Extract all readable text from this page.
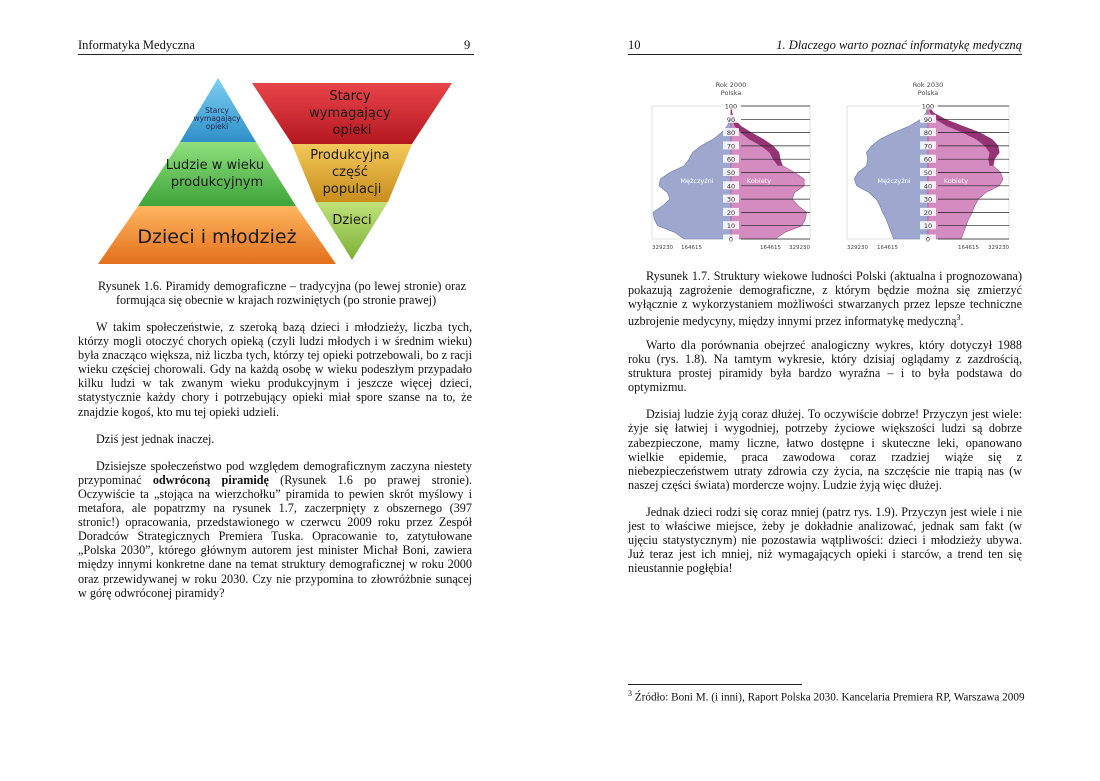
Informatyka Medyczna	9
Starcy wymagający opieki
Ludzie w wieku produkcyjnym
Dzieci i młodzież
Starcy wymagający opieki
Produkcyjna część populacji
Dzieci

Rysunek 1.6. Piramidy demograficzne – tradycyjna (po lewej stronie) oraz formująca się obecnie w krajach rozwiniętych (po stronie prawej)

W takim społeczeństwie, z szeroką bazą dzieci i młodzieży, liczba tych, którzy mogli otoczyć chorych opieką (czyli ludzi młodych i w średnim wieku) była znacząco większa, niż liczba tych, którzy tej opieki potrzebowali, bo z racji wieku częściej chorowali. Gdy na każdą osobę w wieku podeszłym przypadało kilku ludzi w tak zwanym wieku produkcyjnym i jeszcze więcej dzieci, statystycznie każdy chory i potrzebujący opieki miał spore szanse na to, że znajdzie kogoś, kto mu tej opieki udzieli.

Dziś jest jednak inaczej.

Dzisiejsze społeczeństwo pod względem demograficznym zaczyna niestety przypominać odwróconą piramidę (Rysunek 1.6 po prawej stronie). Oczywiście ta „stojąca na wierzchołku” piramida to pewien skrót myślowy i metafora, ale popatrzmy na rysunek 1.7, zaczerpnięty z obszernego (397 stronic!) opracowania, przedstawionego w czerwcu 2009 roku przez Zespół Doradców Strategicznych Premiera Tuska. Opracowanie to, zatytułowane „Polska 2030”, którego głównym autorem jest minister Michał Boni, zawiera między innymi konkretne dane na temat struktury demograficznej w roku 2000 oraz przewidywanej w roku 2030. Czy nie przypomina to złowróżbnie sunącej w górę odwróconej piramidy?

10	1. Dlaczego warto poznać informatykę medyczną
0
10
20
30
40
50
60
70
80
90
100
Rok 2000
Polska
Mężczyźni	Kobiety
329230 164615	164615 329230
0
10
20
30
40
50
60
70
80
90
100
Rok 2030
Polska
Mężczyźni	Kobiety
329230 164615	164615 329230

Rysunek 1.7. Struktury wiekowe ludności Polski (aktualna i prognozowana) pokazują zagrożenie demograficzne, z którym będzie można się zmierzyć wyłącznie z wykorzystaniem możliwości stwarzanych przez lepsze techniczne uzbrojenie medycyny, między innymi przez informatykę medyczną$^3$.

Warto dla porównania obejrzeć analogiczny wykres, który dotyczył 1988 roku (rys. 1.8). Na tamtym wykresie, który dzisiaj oglądamy z zazdrością, struktura prostej piramidy była bardzo wyraźna – i to była podstawa do optymizmu.

Dzisiaj ludzie żyją coraz dłużej. To oczywiście dobrze! Przyczyn jest wiele: żyje się łatwiej i wygodniej, potrzeby życiowe większości ludzi są dobrze zabezpieczone, mamy liczne, łatwo dostępne i skuteczne leki, opanowano wielkie epidemie, praca zawodowa coraz rzadziej wiąże się z niebezpieczeństwem utraty zdrowia czy życia, na szczęście nie trapią nas (w naszej części świata) mordercze wojny. Ludzie żyją więc dłużej.

Jednak dzieci rodzi się coraz mniej (patrz rys. 1.9). Przyczyn jest wiele i nie jest to właściwe miejsce, żeby je dokładnie analizować, jednak sam fakt (w ujęciu statystycznym) nie pozostawia wątpliwości: dzieci i młodzieży ubywa. Już teraz jest ich mniej, niż wymagających opieki i starców, a trend ten się nieustannie pogłębia!

$^3$ Źródło: Boni M. (i inni), Raport Polska 2030. Kancelaria Premiera RP, Warszawa 2009
